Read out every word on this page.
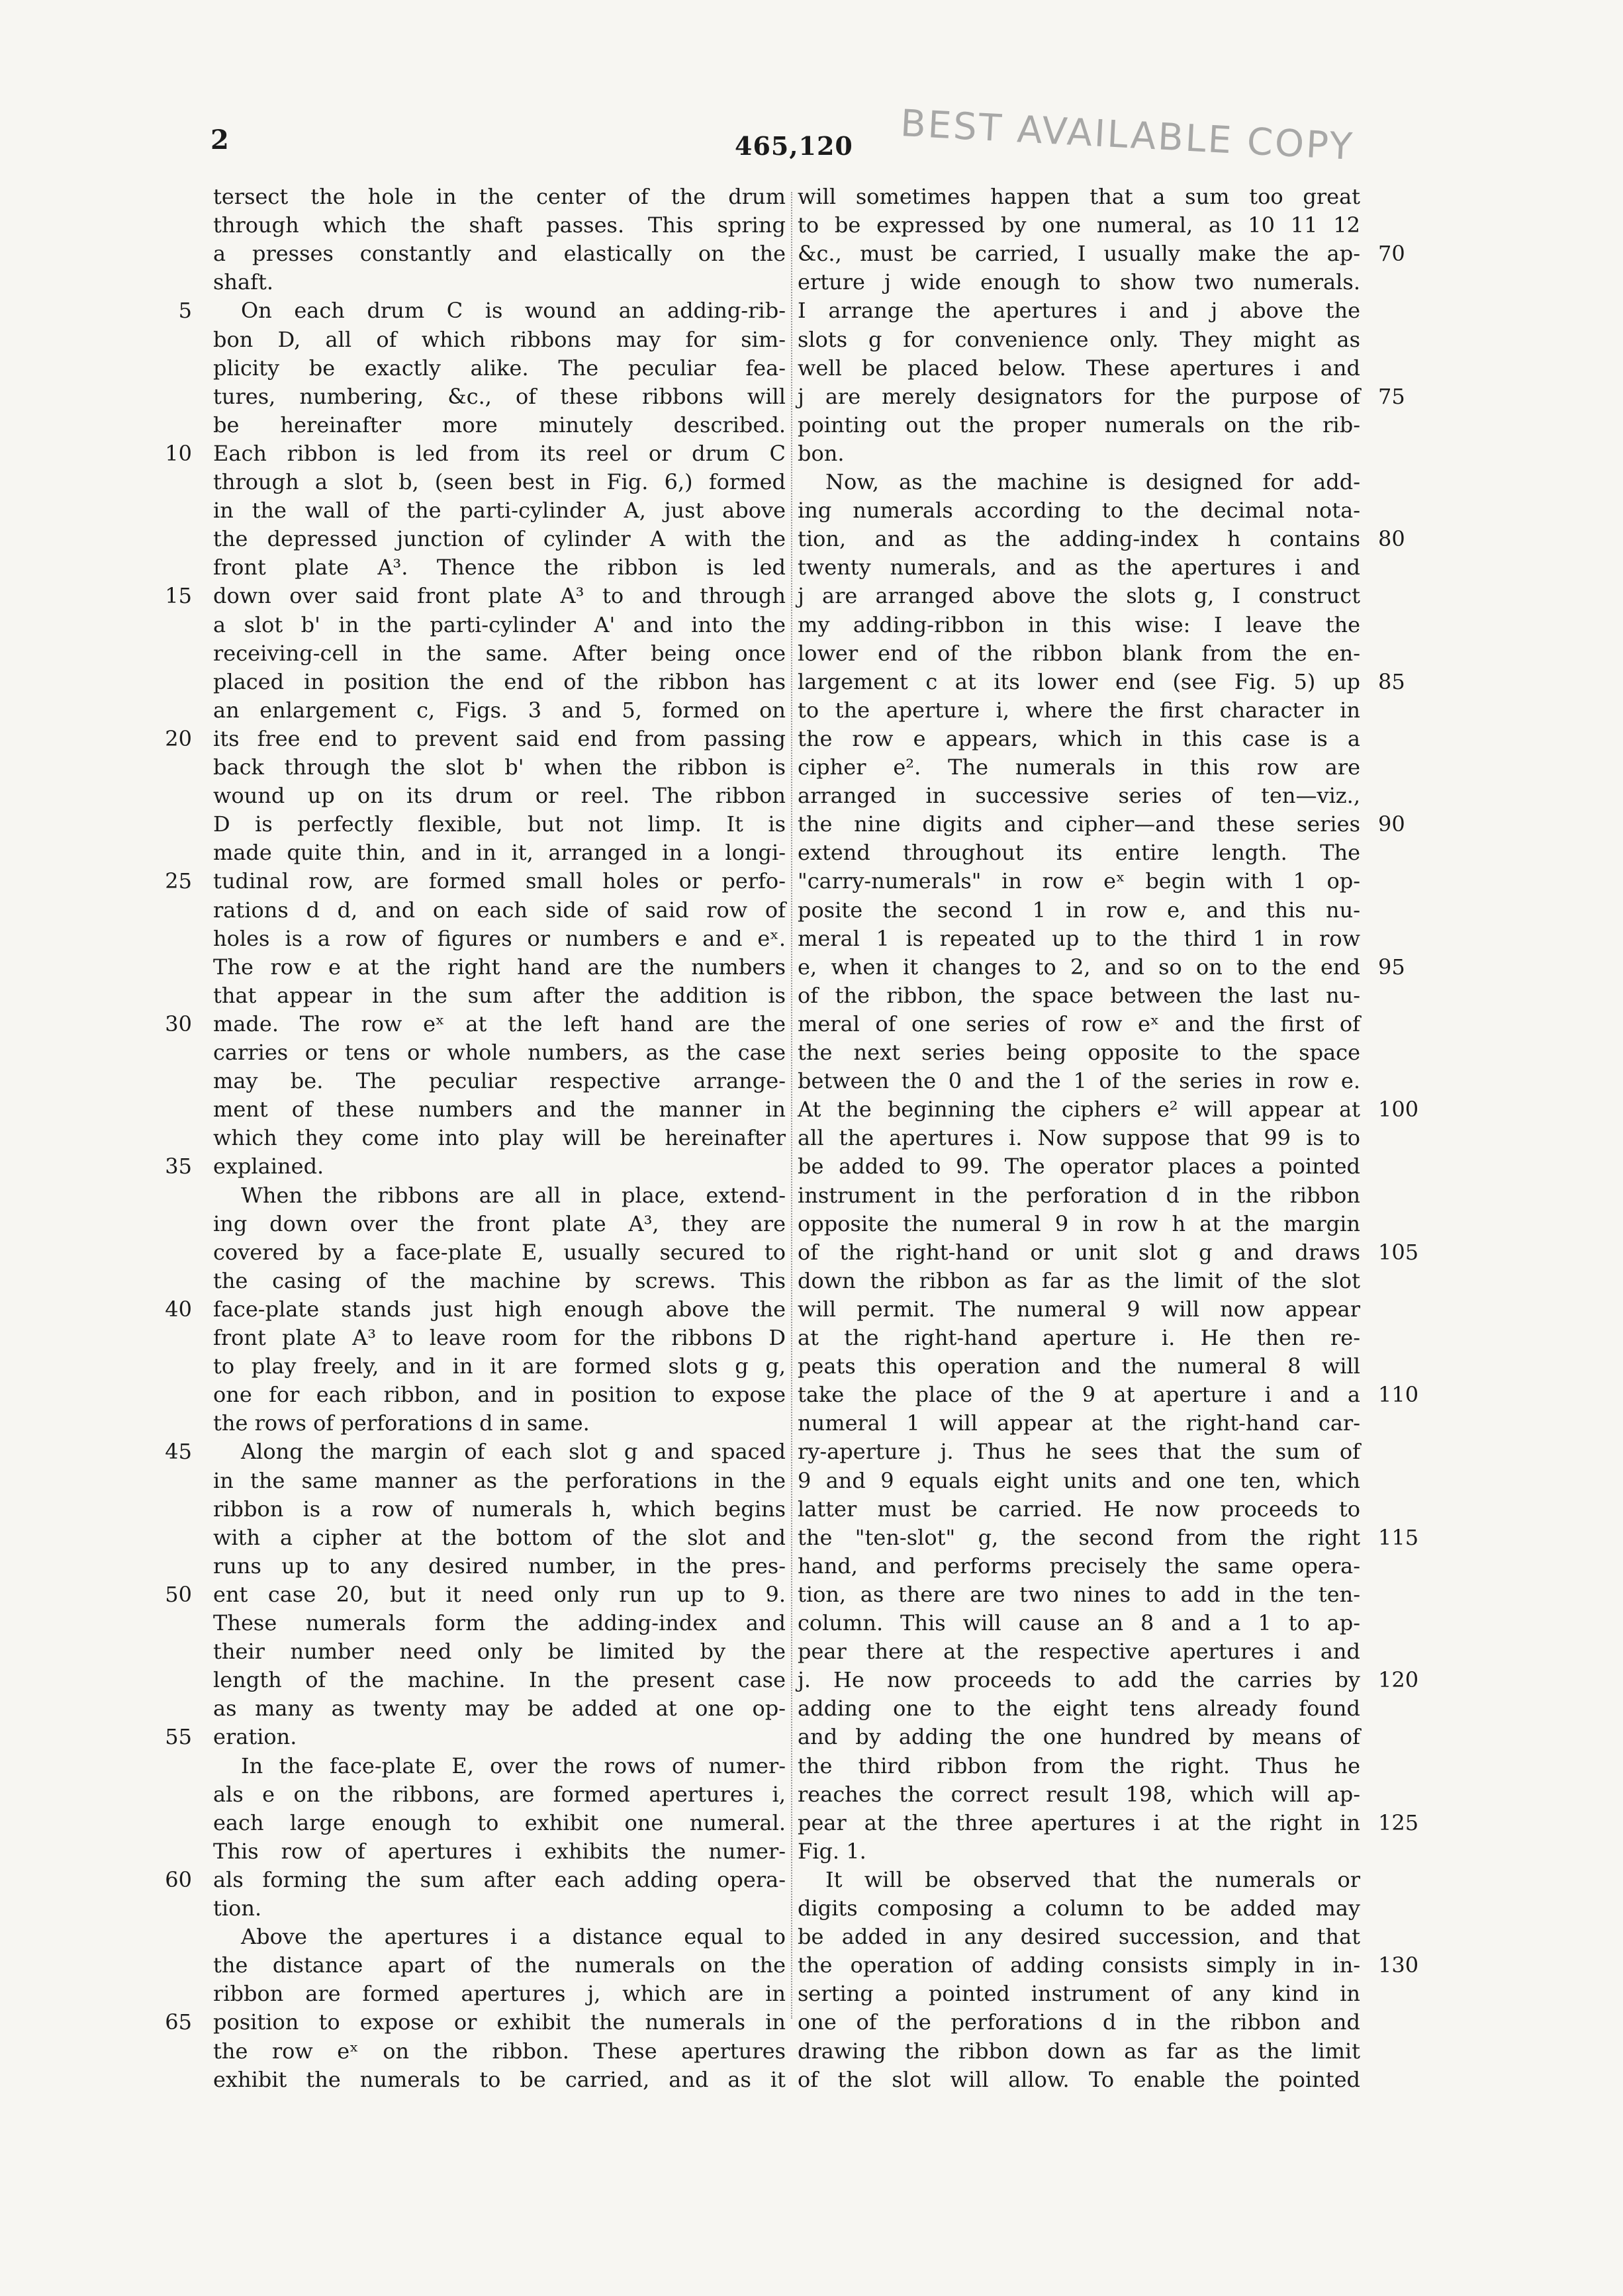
2	465,120 BEST AVAILABLE COPY
tersect the hole in the center of the drum
through which the shaft passes. This spring
a presses constantly and elastically on the
shaft.
On each drum C is wound an adding-rib-
bon D, all of which ribbons may for sim-
plicity be exactly alike. The peculiar fea-
tures, numbering, &c., of these ribbons will
be hereinafter more minutely described.
Each ribbon is led from its reel or drum C
through a slot b, (seen best in Fig. 6,) formed
in the wall of the parti-cylinder A, just above
the depressed junction of cylinder A with the
front plate A³. Thence the ribbon is led
down over said front plate A³ to and through
a slot b' in the parti-cylinder A' and into the
receiving-cell in the same. After being once
placed in position the end of the ribbon has
an enlargement c, Figs. 3 and 5, formed on
its free end to prevent said end from passing
back through the slot b' when the ribbon is
wound up on its drum or reel. The ribbon
D is perfectly flexible, but not limp. It is
made quite thin, and in it, arranged in a longi-
tudinal row, are formed small holes or perfo-
rations d d, and on each side of said row of
holes is a row of figures or numbers e and eˣ.
The row e at the right hand are the numbers
that appear in the sum after the addition is
made. The row eˣ at the left hand are the
carries or tens or whole numbers, as the case
may be. The peculiar respective arrange-
ment of these numbers and the manner in
which they come into play will be hereinafter
explained.
When the ribbons are all in place, extend-
ing down over the front plate A³, they are
covered by a face-plate E, usually secured to
the casing of the machine by screws. This
face-plate stands just high enough above the
front plate A³ to leave room for the ribbons D
to play freely, and in it are formed slots g g,
one for each ribbon, and in position to expose
the rows of perforations d in same.
Along the margin of each slot g and spaced
in the same manner as the perforations in the
ribbon is a row of numerals h, which begins
with a cipher at the bottom of the slot and
runs up to any desired number, in the pres-
ent case 20, but it need only run up to 9.
These numerals form the adding-index and
their number need only be limited by the
length of the machine. In the present case
as many as twenty may be added at one op-
eration.
In the face-plate E, over the rows of numer-
als e on the ribbons, are formed apertures i,
each large enough to exhibit one numeral.
This row of apertures i exhibits the numer-
als forming the sum after each adding opera-
tion.
Above the apertures i a distance equal to
the distance apart of the numerals on the
ribbon are formed apertures j, which are in
position to expose or exhibit the numerals in
the row eˣ on the ribbon. These apertures
exhibit the numerals to be carried, and as it
will sometimes happen that a sum too great
to be expressed by one numeral, as 10 11 12
&c., must be carried, I usually make the ap-
erture j wide enough to show two numerals.
I arrange the apertures i and j above the
slots g for convenience only. They might as
well be placed below. These apertures i and
j are merely designators for the purpose of
pointing out the proper numerals on the rib-
bon.
Now, as the machine is designed for add-
ing numerals according to the decimal nota-
tion, and as the adding-index h contains
twenty numerals, and as the apertures i and
j are arranged above the slots g, I construct
my adding-ribbon in this wise: I leave the
lower end of the ribbon blank from the en-
largement c at its lower end (see Fig. 5) up
to the aperture i, where the first character in
the row e appears, which in this case is a
cipher e². The numerals in this row are
arranged in successive series of ten—viz.,
the nine digits and cipher—and these series
extend throughout its entire length. The
"carry-numerals" in row eˣ begin with 1 op-
posite the second 1 in row e, and this nu-
meral 1 is repeated up to the third 1 in row
e, when it changes to 2, and so on to the end
of the ribbon, the space between the last nu-
meral of one series of row eˣ and the first of
the next series being opposite to the space
between the 0 and the 1 of the series in row e.
At the beginning the ciphers e² will appear at
all the apertures i. Now suppose that 99 is to
be added to 99. The operator places a pointed
instrument in the perforation d in the ribbon
opposite the numeral 9 in row h at the margin
of the right-hand or unit slot g and draws
down the ribbon as far as the limit of the slot
will permit. The numeral 9 will now appear
at the right-hand aperture i. He then re-
peats this operation and the numeral 8 will
take the place of the 9 at aperture i and a
numeral 1 will appear at the right-hand car-
ry-aperture j. Thus he sees that the sum of
9 and 9 equals eight units and one ten, which
latter must be carried. He now proceeds to
the "ten-slot" g, the second from the right
hand, and performs precisely the same opera-
tion, as there are two nines to add in the ten-
column. This will cause an 8 and a 1 to ap-
pear there at the respective apertures i and
j. He now proceeds to add the carries by
adding one to the eight tens already found
and by adding the one hundred by means of
the third ribbon from the right. Thus he
reaches the correct result 198, which will ap-
pear at the three apertures i at the right in
Fig. 1.
It will be observed that the numerals or
digits composing a column to be added may
be added in any desired succession, and that
the operation of adding consists simply in in-
serting a pointed instrument of any kind in
one of the perforations d in the ribbon and
drawing the ribbon down as far as the limit
of the slot will allow. To enable the pointed
5
10
15
20
25
30
35
40
45
50
55
60
65
70
75
80
85
90
95
100
105
110
115
120
125
130
